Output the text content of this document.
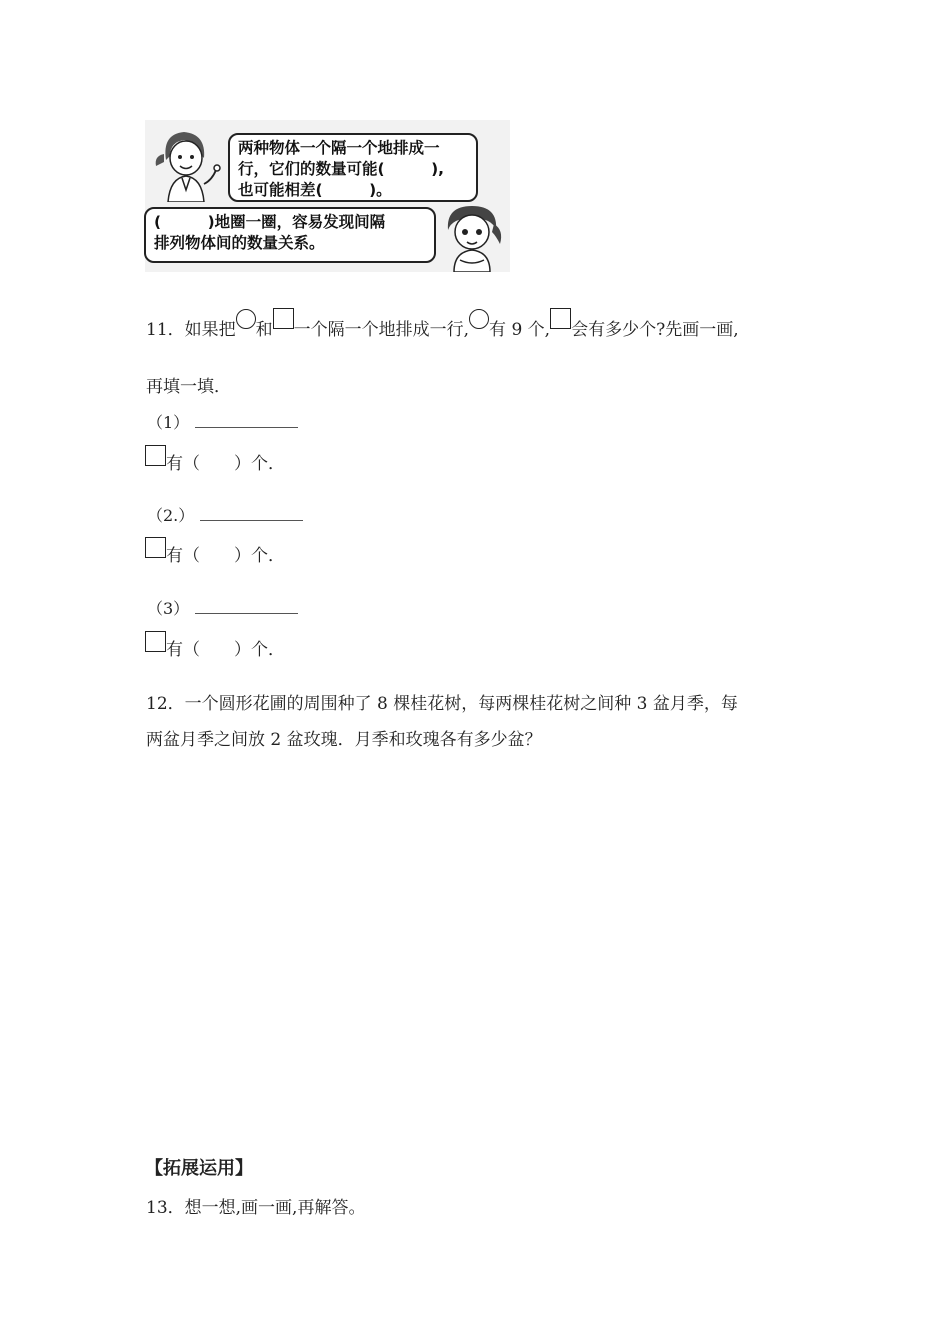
两种物体一个隔一个地排成一
行，它们的数量可能(　　　),
也可能相差(　　　)。
(　　　)地圈一圈，容易发现间隔
排列物体间的数量关系。
11．如果把 和 一个隔一个地排成一行, 有 9 个, 会有多少个?先画一画,
再填一填．
（1）
有（　　）个．
（2.）
有（　　）个．
（3）
有（　　）个．
12．一个圆形花圃的周围种了 8 棵桂花树，每两棵桂花树之间种 3 盆月季，每
两盆月季之间放 2 盆玫瑰．月季和玫瑰各有多少盆？
【拓展运用】
13．想一想,画一画,再解答。
